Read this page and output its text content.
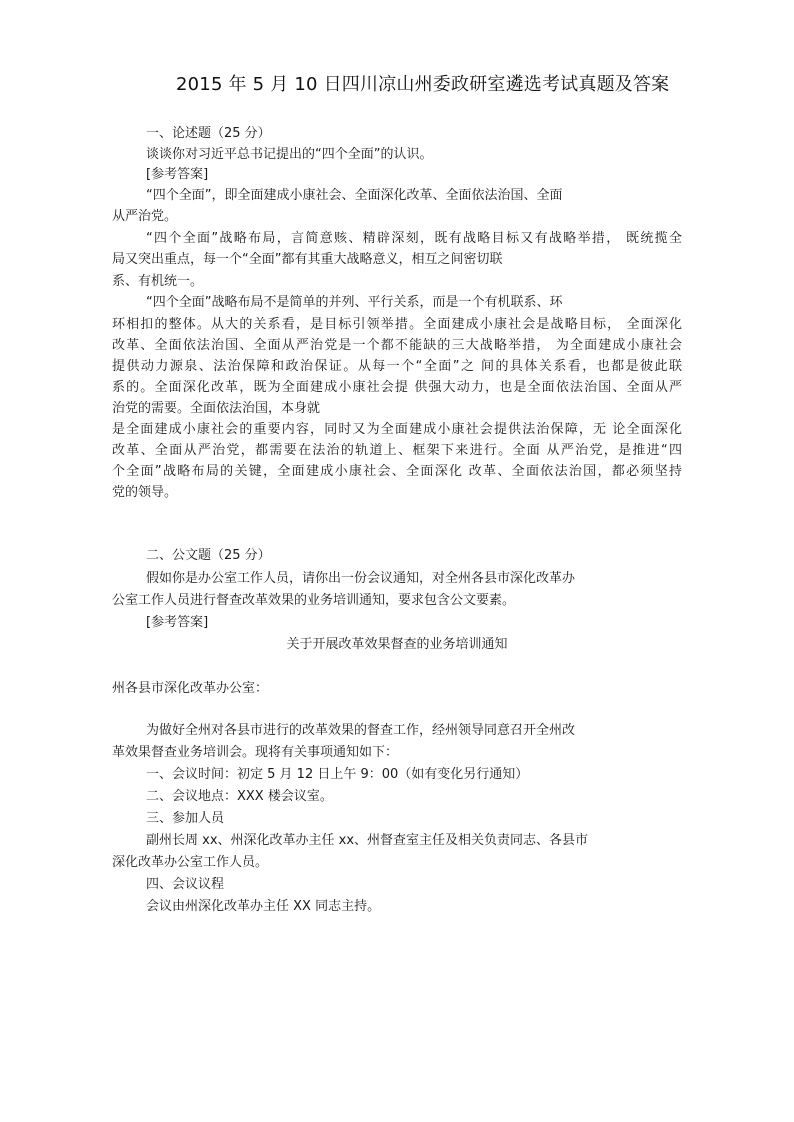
2015 年 5 月 10 日四川凉山州委政研室遴选考试真题及答案
一、论述题（25 分）
谈谈你对习近平总书记提出的“四个全面”的认识。
[参考答案]
“四个全面”，即全面建成小康社会、全面深化改革、全面依法治国、全面
从严治党。
“四个全面”战略布局，言简意赅、精辟深刻，既有战略目标又有战略举措， 既统揽全
局又突出重点，每一个“全面”都有其重大战略意义，相互之间密切联
系、有机统一。
“四个全面”战略布局不是简单的并列、平行关系，而是一个有机联系、环
环相扣的整体。从大的关系看，是目标引领举措。全面建成小康社会是战略目标， 全面深化
改革、全面依法治国、全面从严治党是一个都不能缺的三大战略举措， 为全面建成小康社会
提供动力源泉、法治保障和政治保证。从每一个“全面”之 间的具体关系看，也都是彼此联
系的。全面深化改革，既为全面建成小康社会提 供强大动力，也是全面依法治国、全面从严
治党的需要。全面依法治国，本身就
是全面建成小康社会的重要内容，同时又为全面建成小康社会提供法治保障，无 论全面深化
改革、全面从严治党，都需要在法治的轨道上、框架下来进行。全面 从严治党，是推进“四
个全面”战略布局的关键，全面建成小康社会、全面深化 改革、全面依法治国，都必须坚持
党的领导。
二、公文题（25 分）
假如你是办公室工作人员，请你出一份会议通知，对全州各县市深化改革办
公室工作人员进行督查改革效果的业务培训通知，要求包含公文要素。
[参考答案]
关于开展改革效果督查的业务培训通知
州各县市深化改革办公室：
为做好全州对各县市进行的改革效果的督查工作，经州领导同意召开全州改
革效果督查业务培训会。现将有关事项通知如下：
一、会议时间：初定 5 月 12 日上午 9：00（如有变化另行通知）
二、会议地点：XXX 楼会议室。
三、参加人员
副州长周 xx、州深化改革办主任 xx、州督查室主任及相关负责同志、各县市
深化改革办公室工作人员。
四、会议议程
会议由州深化改革办主任 XX 同志主持。
